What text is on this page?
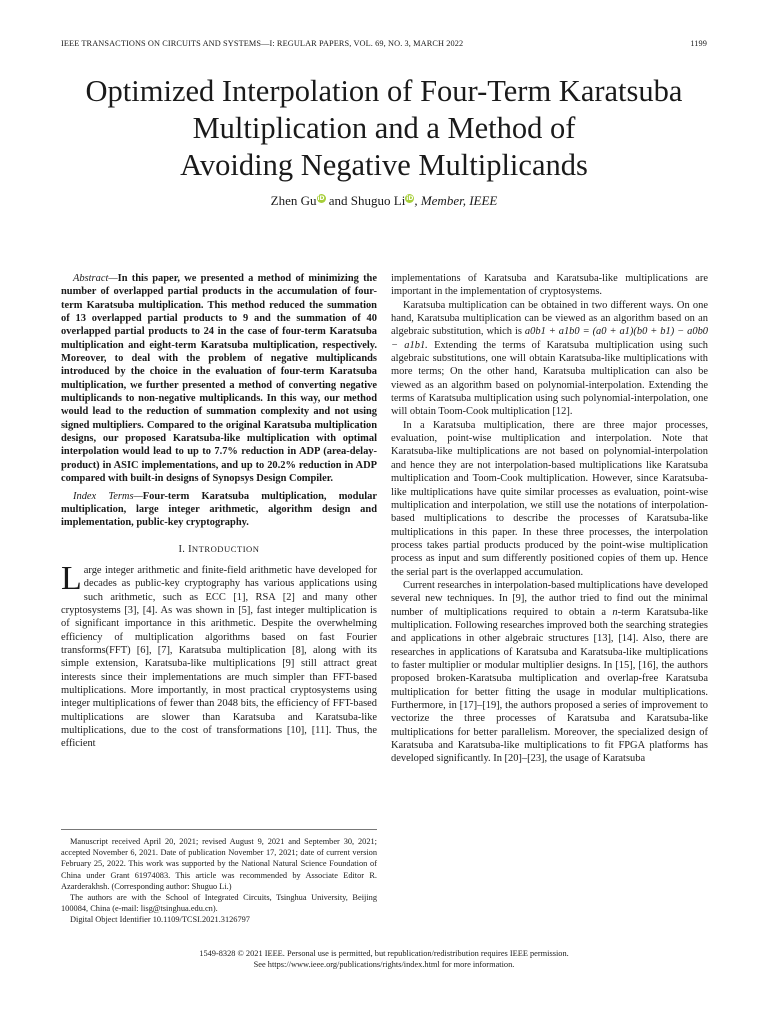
IEEE TRANSACTIONS ON CIRCUITS AND SYSTEMS—I: REGULAR PAPERS, VOL. 69, NO. 3, MARCH 2022	1199
Optimized Interpolation of Four-Term Karatsuba
Multiplication and a Method of
Avoiding Negative Multiplicands
Zhen GuiD and Shuguo LiiD, Member, IEEE

Abstract—In this paper, we presented a method of minimizing the number of overlapped partial products in the accumulation of four-term Karatsuba multiplication. This method reduced the summation of 13 overlapped partial products to 9 and the summation of 40 overlapped partial products to 24 in the case of four-term Karatsuba multiplication and eight-term Karatsuba multiplication, respectively. Moreover, to deal with the problem of negative multiplicands introduced by the choice in the evaluation of four-term Karatsuba multiplication, we further presented a method of converting negative multiplicands to non-negative multiplicands. In this way, our method would lead to the reduction of summation complexity and not using signed multipliers. Compared to the original Karatsuba multiplication designs, our proposed Karatsuba-like multiplication with optimal interpolation would lead to up to 7.7% reduction in ADP (area-delay-product) in ASIC implementations, and up to 20.2% reduction in ADP compared with built-in designs of Synopsys Design Compiler.

Index Terms—Four-term Karatsuba multiplication, modular multiplication, large integer arithmetic, algorithm design and implementation, public-key cryptography.

I. INTRODUCTION

Large integer arithmetic and finite-field arithmetic have developed for decades as public-key cryptography has various applications using such arithmetic, such as ECC [1], RSA [2] and many other cryptosystems [3], [4]. As was shown in [5], fast integer multiplication is of significant importance in this arithmetic. Despite the overwhelming efficiency of multiplication algorithms based on fast Fourier transforms(FFT) [6], [7], Karatsuba multiplication [8], along with its simple extension, Karatsuba-like multiplications [9] still attract great interests since their implementations are much simpler than FFT-based multiplications. More importantly, in most practical cryptosystems using integer multiplications of fewer than 2048 bits, the efficiency of FFT-based multiplications are slower than Karatsuba and Karatsuba-like multiplications, due to the cost of transformations [10], [11]. Thus, the efficient

Manuscript received April 20, 2021; revised August 9, 2021 and September 30, 2021; accepted November 6, 2021. Date of publication November 17, 2021; date of current version February 25, 2022. This work was supported by the National Natural Science Foundation of China under Grant 61974083. This article was recommended by Associate Editor R. Azarderakhsh. (Corresponding author: Shuguo Li.)

The authors are with the School of Integrated Circuits, Tsinghua University, Beijing 100084, China (e-mail: lisg@tsinghua.edu.cn).

Digital Object Identifier 10.1109/TCSI.2021.3126797

implementations of Karatsuba and Karatsuba-like multiplications are important in the implementation of cryptosystems.

Karatsuba multiplication can be obtained in two different ways. On one hand, Karatsuba multiplication can be viewed as an algorithm based on an algebraic substitution, which is a0b1 + a1b0 = (a0 + a1)(b0 + b1) − a0b0 − a1b1. Extending the terms of Karatsuba multiplication using such algebraic substitutions, one will obtain Karatsuba-like multiplications with more terms; On the other hand, Karatsuba multiplication can also be viewed as an algorithm based on polynomial-interpolation. Extending the terms of Karatsuba multiplication using such polynomial-interpolation, one will obtain Toom-Cook multiplication [12].

In a Karatsuba multiplication, there are three major processes, evaluation, point-wise multiplication and interpolation. Note that Karatsuba-like multiplications are not based on polynomial-interpolation and hence they are not interpolation-based multiplications like Karatsuba multiplication and Toom-Cook multiplication. However, since Karatsuba-like multiplications have quite similar processes as evaluation, point-wise multiplication and interpolation, we still use the notations of interpolation-based multiplications to describe the processes of Karatsuba-like multiplications in this paper. In these three processes, the interpolation process takes partial products produced by the point-wise multiplication process as input and sum differently positioned copies of them up. Hence the serial part is the overlapped accumulation.

Current researches in interpolation-based multiplications have developed several new techniques. In [9], the author tried to find out the minimal number of multiplications required to obtain a n-term Karatsuba-like multiplication. Following researches improved both the searching strategies and applications in other algebraic structures [13], [14]. Also, there are researches in applications of Karatsuba and Karatsuba-like multiplications to faster multiplier or modular multiplier designs. In [15], [16], the authors proposed broken-Karatsuba multiplication and overlap-free Karatsuba multiplication for better fitting the usage in modular multiplications. Furthermore, in [17]–[19], the authors proposed a series of improvement to vectorize the three processes of Karatsuba and Karatsuba-like multiplications for better parallelism. Moreover, the specialized design of Karatsuba and Karatsuba-like multiplications to fit FPGA platforms has developed significantly. In [20]–[23], the usage of Karatsuba

1549-8328 © 2021 IEEE. Personal use is permitted, but republication/redistribution requires IEEE permission.
See https://www.ieee.org/publications/rights/index.html for more information.
